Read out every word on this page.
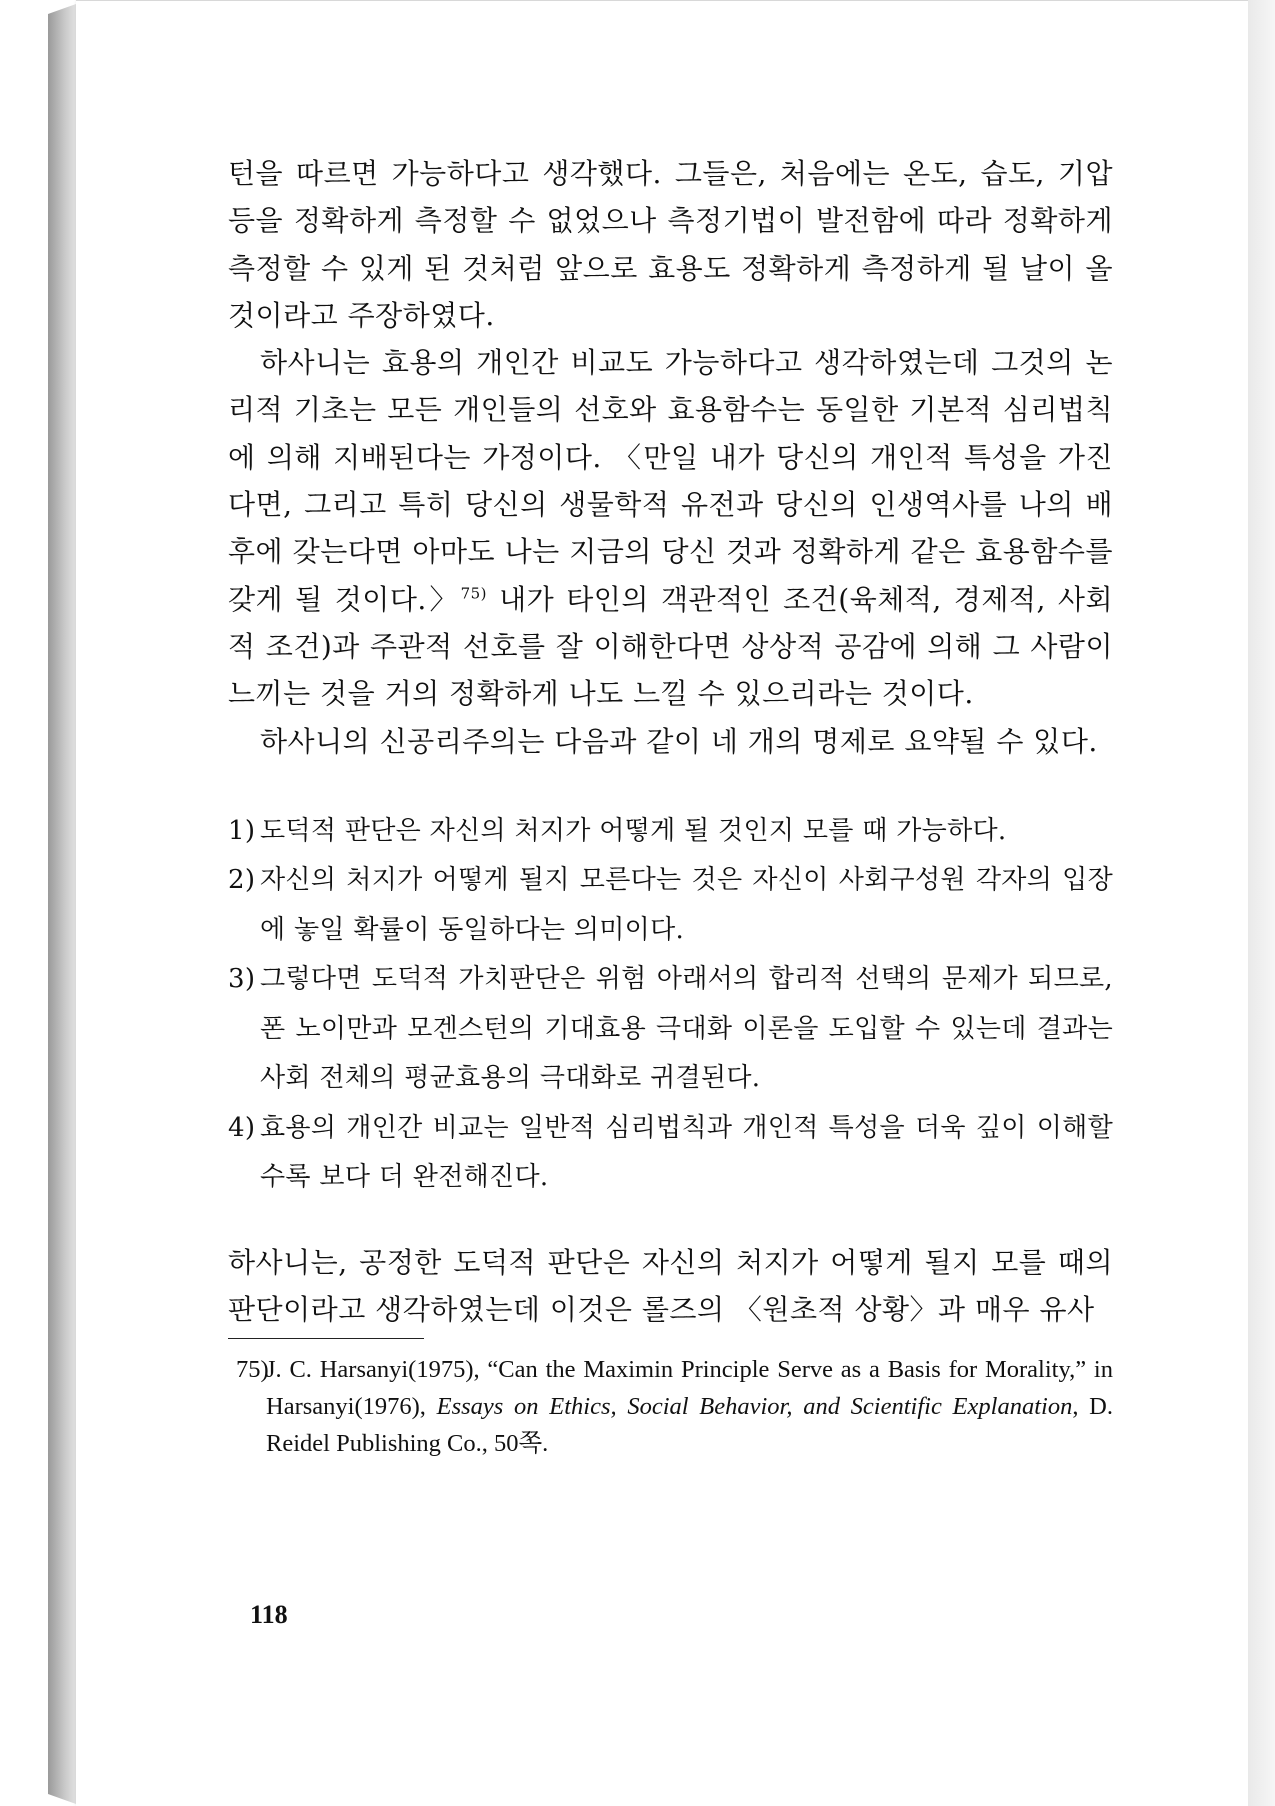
턴을 따르면 가능하다고 생각했다. 그들은, 처음에는 온도, 습도, 기압 등을 정확하게 측정할 수 없었으나 측정기법이 발전함에 따라 정확하게 측정할 수 있게 된 것처럼 앞으로 효용도 정확하게 측정하게 될 날이 올 것이라고 주장하였다.

하사니는 효용의 개인간 비교도 가능하다고 생각하였는데 그것의 논리적 기초는 모든 개인들의 선호와 효용함수는 동일한 기본적 심리법칙에 의해 지배된다는 가정이다. 〈만일 내가 당신의 개인적 특성을 가진다면, 그리고 특히 당신의 생물학적 유전과 당신의 인생역사를 나의 배후에 갖는다면 아마도 나는 지금의 당신 것과 정확하게 같은 효용함수를 갖게 될 것이다.〉$^{75)}$ 내가 타인의 객관적인 조건(육체적, 경제적, 사회적 조건)과 주관적 선호를 잘 이해한다면 상상적 공감에 의해 그 사람이 느끼는 것을 거의 정확하게 나도 느낄 수 있으리라는 것이다.

하사니의 신공리주의는 다음과 같이 네 개의 명제로 요약될 수 있다.

1) 도덕적 판단은 자신의 처지가 어떻게 될 것인지 모를 때 가능하다.
2) 자신의 처지가 어떻게 될지 모른다는 것은 자신이 사회구성원 각자의 입장에 놓일 확률이 동일하다는 의미이다.
3) 그렇다면 도덕적 가치판단은 위험 아래서의 합리적 선택의 문제가 되므로, 폰 노이만과 모겐스턴의 기대효용 극대화 이론을 도입할 수 있는데 결과는 사회 전체의 평균효용의 극대화로 귀결된다.
4) 효용의 개인간 비교는 일반적 심리법칙과 개인적 특성을 더욱 깊이 이해할수록 보다 더 완전해진다.

하사니는, 공정한 도덕적 판단은 자신의 처지가 어떻게 될지 모를 때의 판단이라고 생각하였는데 이것은 롤즈의 〈원초적 상황〉과 매우 유사

75)
J. C. Harsanyi(1975), “Can the Maximin Principle Serve as a Basis for Morality,” in Harsanyi(1976), Essays on Ethics, Social Behavior, and Scientific Explanation, D. Reidel Publishing Co., 50쪽.
118
